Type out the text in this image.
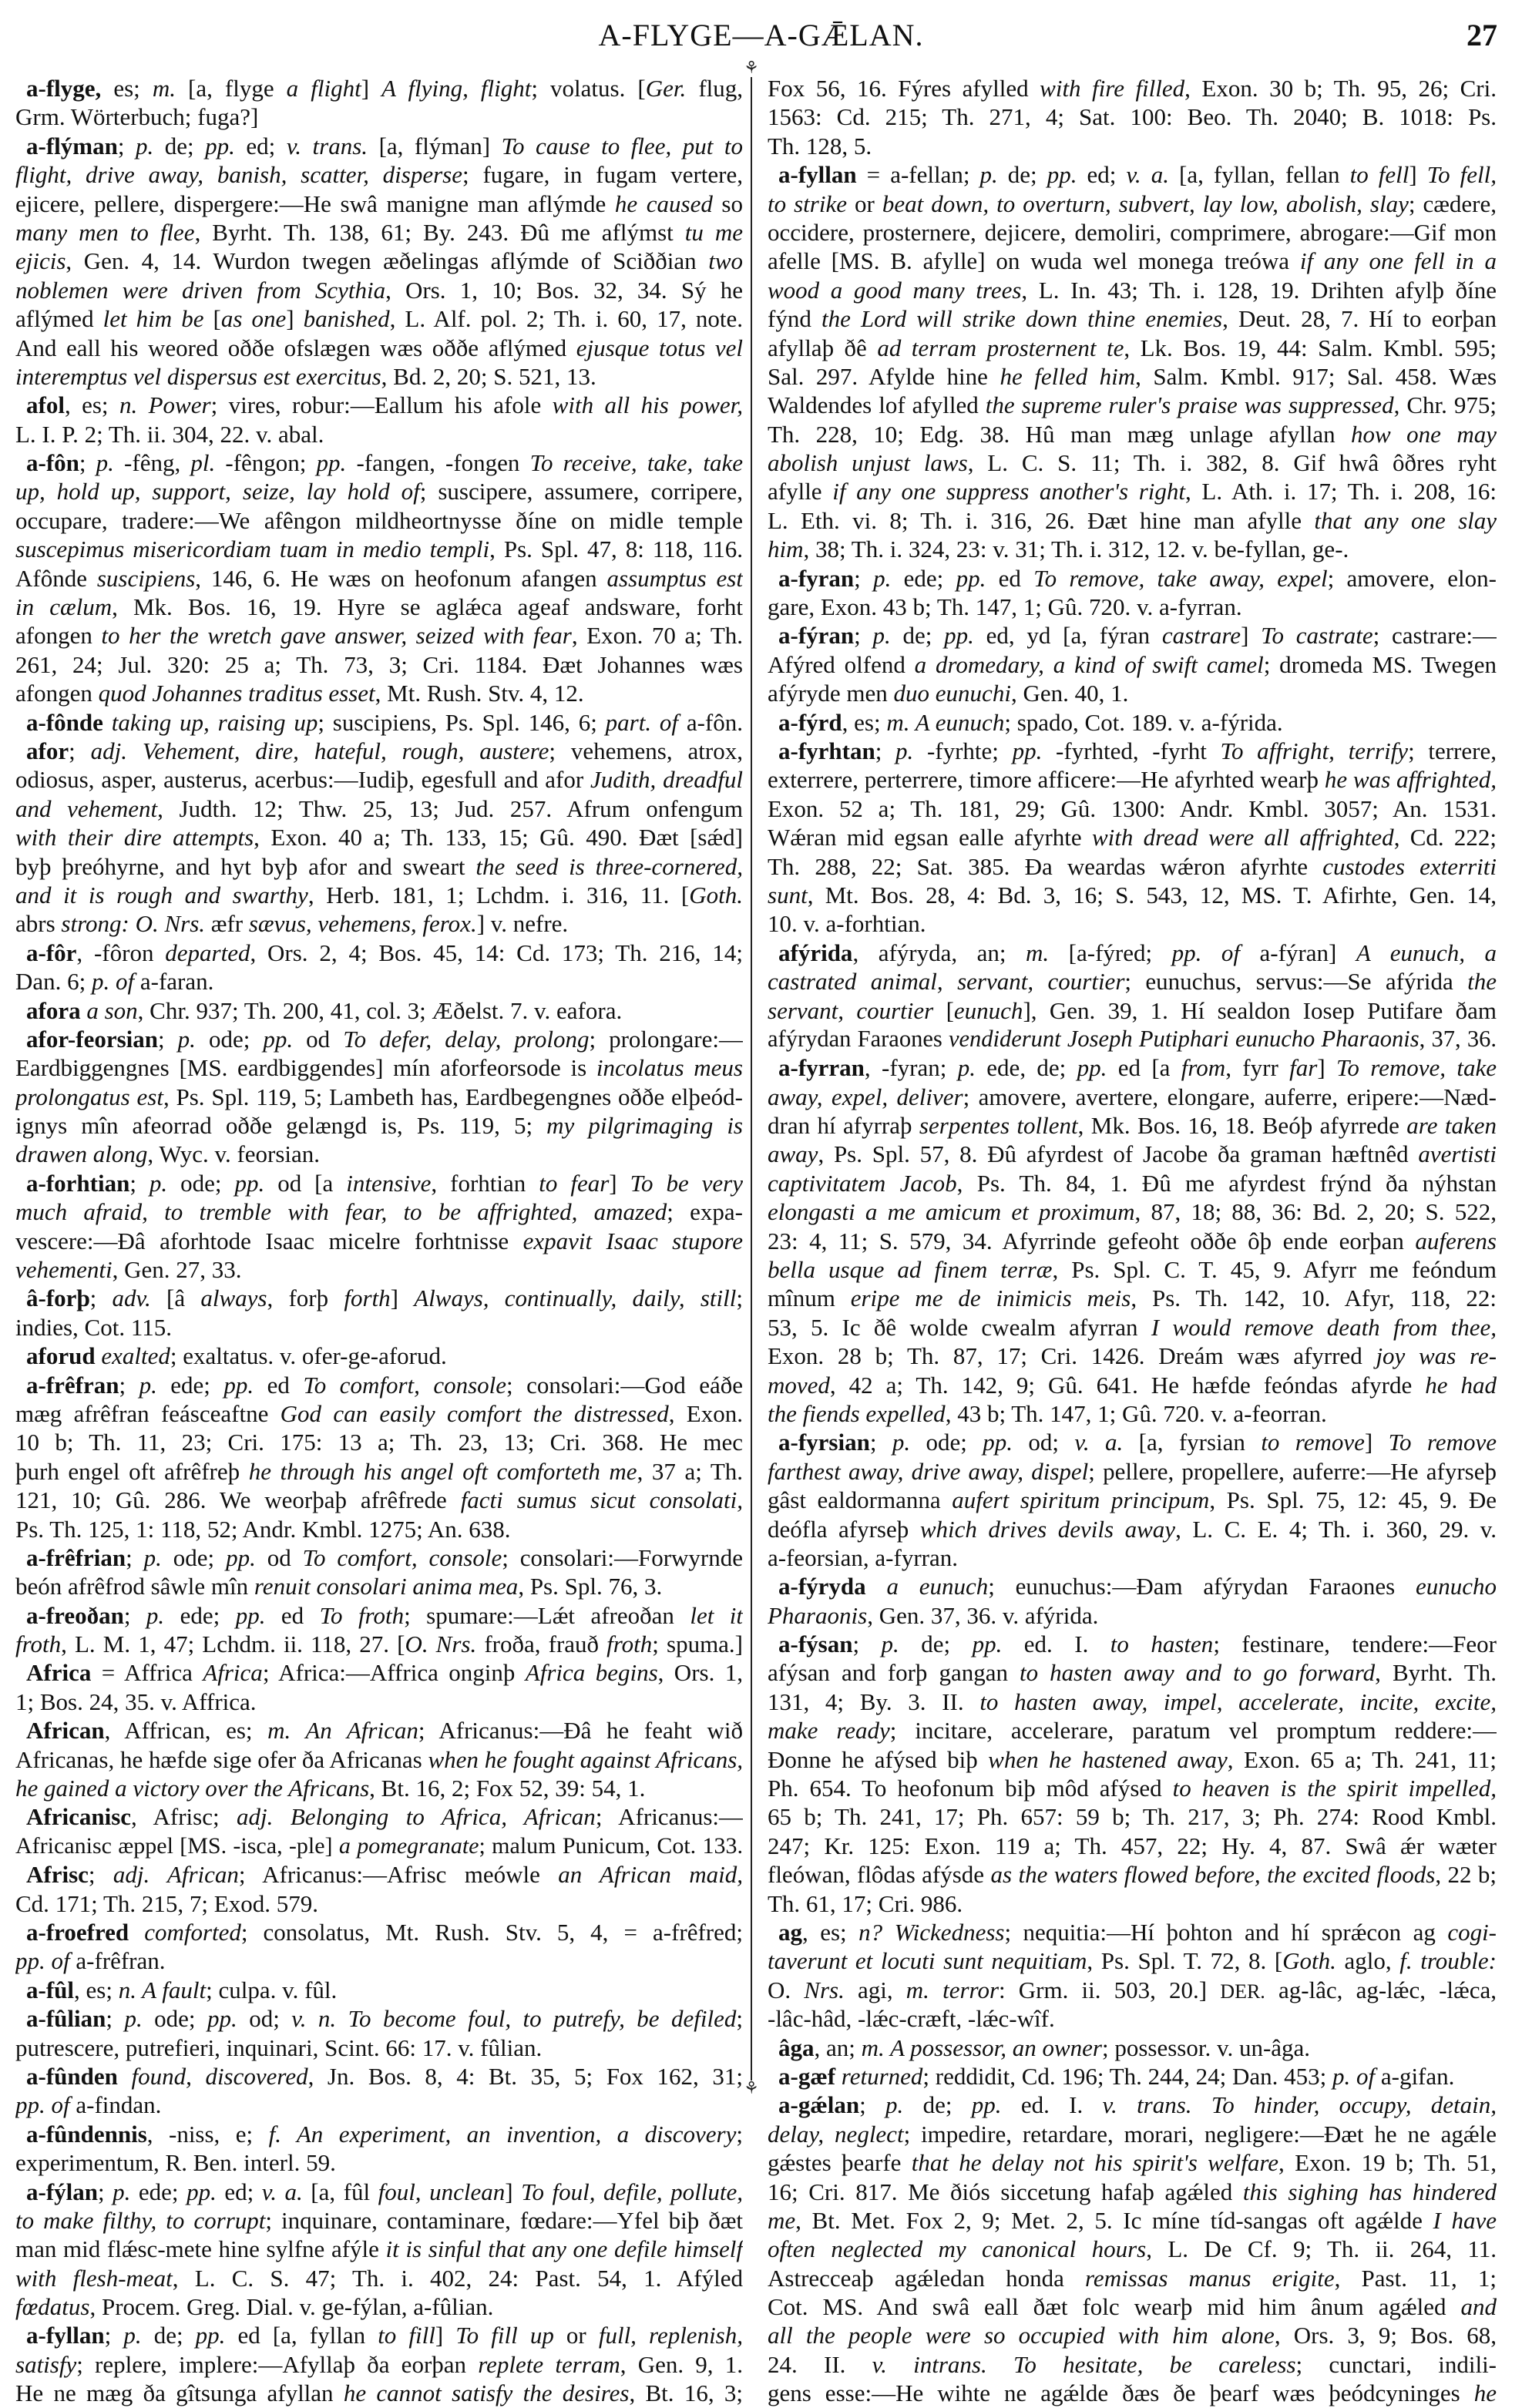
A-FLYGE—A-GǢLAN.	27
⚘
⚘
a-flyge, es; m. [a, flyge a flight] A flying, flight; volatus. [Ger. flug,
Grm. Wörterbuch; fuga?]
a-flýman; p. de; pp. ed; v. trans. [a, flýman] To cause to flee, put to
flight, drive away, banish, scatter, disperse; fugare, in fugam vertere,
ejicere, pellere, dispergere:—He swâ manigne man aflýmde he caused so
many men to flee, Byrht. Th. 138, 61; By. 243. Ðû me aflýmst tu me
ejicis, Gen. 4, 14. Wurdon twegen æðelingas aflýmde of Sciððian two
noblemen were driven from Scythia, Ors. 1, 10; Bos. 32, 34. Sý he
aflýmed let him be [as one] banished, L. Alf. pol. 2; Th. i. 60, 17, note.
And eall his weored oððe ofslægen wæs oððe aflýmed ejusque totus vel
interemptus vel dispersus est exercitus, Bd. 2, 20; S. 521, 13.
afol, es; n. Power; vires, robur:—Eallum his afole with all his power,
L. I. P. 2; Th. ii. 304, 22. v. abal.
a-fôn; p. -fêng, pl. -fêngon; pp. -fangen, -fongen To receive, take, take
up, hold up, support, seize, lay hold of; suscipere, assumere, corripere,
occupare, tradere:—We afêngon mildheortnysse ðíne on midle temple
suscepimus misericordiam tuam in medio templi, Ps. Spl. 47, 8: 118, 116.
Afônde suscipiens, 146, 6. He wæs on heofonum afangen assumptus est
in cælum, Mk. Bos. 16, 19. Hyre se aglǽca ageaf andsware, forht
afongen to her the wretch gave answer, seized with fear, Exon. 70 a; Th.
261, 24; Jul. 320: 25 a; Th. 73, 3; Cri. 1184. Ðæt Johannes wæs
afongen quod Johannes traditus esset, Mt. Rush. Stv. 4, 12.
a-fônde taking up, raising up; suscipiens, Ps. Spl. 146, 6; part. of a-fôn.
afor; adj. Vehement, dire, hateful, rough, austere; vehemens, atrox,
odiosus, asper, austerus, acerbus:—Iudiþ, egesfull and afor Judith, dreadful
and vehement, Judth. 12; Thw. 25, 13; Jud. 257. Afrum onfengum
with their dire attempts, Exon. 40 a; Th. 133, 15; Gû. 490. Ðæt [sǽd]
byþ þreóhyrne, and hyt byþ afor and sweart the seed is three-cornered,
and it is rough and swarthy, Herb. 181, 1; Lchdm. i. 316, 11. [Goth.
abrs strong: O. Nrs. æfr sævus, vehemens, ferox.] v. nefre.
a-fôr, -fôron departed, Ors. 2, 4; Bos. 45, 14: Cd. 173; Th. 216, 14;
Dan. 6; p. of a-faran.
afora a son, Chr. 937; Th. 200, 41, col. 3; Æðelst. 7. v. eafora.
afor-feorsian; p. ode; pp. od To defer, delay, prolong; prolongare:—
Eardbiggengnes [MS. eardbiggendes] mín aforfeorsode is incolatus meus
prolongatus est, Ps. Spl. 119, 5; Lambeth has, Eardbegengnes oððe elþeód-
ignys mîn afeorrad oððe gelængd is, Ps. 119, 5; my pilgrimaging is
drawen along, Wyc. v. feorsian.
a-forhtian; p. ode; pp. od [a intensive, forhtian to fear] To be very
much afraid, to tremble with fear, to be affrighted, amazed; expa-
vescere:—Ðâ aforhtode Isaac micelre forhtnisse expavit Isaac stupore
vehementi, Gen. 27, 33.
â-forþ; adv. [â always, forþ forth] Always, continually, daily, still;
indies, Cot. 115.
aforud exalted; exaltatus. v. ofer-ge-aforud.
a-frêfran; p. ede; pp. ed To comfort, console; consolari:—God eáðe
mæg afrêfran feásceaftne God can easily comfort the distressed, Exon.
10 b; Th. 11, 23; Cri. 175: 13 a; Th. 23, 13; Cri. 368. He mec
þurh engel oft afrêfreþ he through his angel oft comforteth me, 37 a; Th.
121, 10; Gû. 286. We weorþaþ afrêfrede facti sumus sicut consolati,
Ps. Th. 125, 1: 118, 52; Andr. Kmbl. 1275; An. 638.
a-frêfrian; p. ode; pp. od To comfort, console; consolari:—Forwyrnde
beón afrêfrod sâwle mîn renuit consolari anima mea, Ps. Spl. 76, 3.
a-freoðan; p. ede; pp. ed To froth; spumare:—Lǽt afreoðan let it
froth, L. M. 1, 47; Lchdm. ii. 118, 27. [O. Nrs. froða, frauð froth; spuma.]
Africa = Affrica Africa; Africa:—Affrica onginþ Africa begins, Ors. 1,
1; Bos. 24, 35. v. Affrica.
African, Affrican, es; m. An African; Africanus:—Ðâ he feaht wið
Africanas, he hæfde sige ofer ða Africanas when he fought against Africans,
he gained a victory over the Africans, Bt. 16, 2; Fox 52, 39: 54, 1.
Africanisc, Afrisc; adj. Belonging to Africa, African; Africanus:—
Africanisc æppel [MS. -isca, -ple] a pomegranate; malum Punicum, Cot. 133.
Afrisc; adj. African; Africanus:—Afrisc meówle an African maid,
Cd. 171; Th. 215, 7; Exod. 579.
a-froefred comforted; consolatus, Mt. Rush. Stv. 5, 4, = a-frêfred;
pp. of a-frêfran.
a-fûl, es; n. A fault; culpa. v. fûl.
a-fûlian; p. ode; pp. od; v. n. To become foul, to putrefy, be defiled;
putrescere, putrefieri, inquinari, Scint. 66: 17. v. fûlian.
a-fûnden found, discovered, Jn. Bos. 8, 4: Bt. 35, 5; Fox 162, 31;
pp. of a-findan.
a-fûndennis, -niss, e; f. An experiment, an invention, a discovery;
experimentum, R. Ben. interl. 59.
a-fýlan; p. ede; pp. ed; v. a. [a, fûl foul, unclean] To foul, defile, pollute,
to make filthy, to corrupt; inquinare, contaminare, fœdare:—Yfel biþ ðæt
man mid flǽsc-mete hine sylfne afýle it is sinful that any one defile himself
with flesh-meat, L. C. S. 47; Th. i. 402, 24: Past. 54, 1. Afýled
fœdatus, Procem. Greg. Dial. v. ge-fýlan, a-fûlian.
a-fyllan; p. de; pp. ed [a, fyllan to fill] To fill up or full, replenish,
satisfy; replere, implere:—Afyllaþ ða eorþan replete terram, Gen. 9, 1.
He ne mæg ða gîtsunga afyllan he cannot satisfy the desires, Bt. 16, 3;
Fox 56, 16. Fýres afylled with fire filled, Exon. 30 b; Th. 95, 26; Cri.
1563: Cd. 215; Th. 271, 4; Sat. 100: Beo. Th. 2040; B. 1018: Ps.
Th. 128, 5.
a-fyllan = a-fellan; p. de; pp. ed; v. a. [a, fyllan, fellan to fell] To fell,
to strike or beat down, to overturn, subvert, lay low, abolish, slay; cædere,
occidere, prosternere, dejicere, demoliri, comprimere, abrogare:—Gif mon
afelle [MS. B. afylle] on wuda wel monega treówa if any one fell in a
wood a good many trees, L. In. 43; Th. i. 128, 19. Drihten afylþ ðíne
fýnd the Lord will strike down thine enemies, Deut. 28, 7. Hí to eorþan
afyllaþ ðê ad terram prosternent te, Lk. Bos. 19, 44: Salm. Kmbl. 595;
Sal. 297. Afylde hine he felled him, Salm. Kmbl. 917; Sal. 458. Wæs
Waldendes lof afylled the supreme ruler's praise was suppressed, Chr. 975;
Th. 228, 10; Edg. 38. Hû man mæg unlage afyllan how one may
abolish unjust laws, L. C. S. 11; Th. i. 382, 8. Gif hwâ ôðres ryht
afylle if any one suppress another's right, L. Ath. i. 17; Th. i. 208, 16:
L. Eth. vi. 8; Th. i. 316, 26. Ðæt hine man afylle that any one slay
him, 38; Th. i. 324, 23: v. 31; Th. i. 312, 12. v. be-fyllan, ge-.
a-fyran; p. ede; pp. ed To remove, take away, expel; amovere, elon-
gare, Exon. 43 b; Th. 147, 1; Gû. 720. v. a-fyrran.
a-fýran; p. de; pp. ed, yd [a, fýran castrare] To castrate; castrare:—
Afýred olfend a dromedary, a kind of swift camel; dromeda MS. Twegen
afýryde men duo eunuchi, Gen. 40, 1.
a-fýrd, es; m. A eunuch; spado, Cot. 189. v. a-fýrida.
a-fyrhtan; p. -fyrhte; pp. -fyrhted, -fyrht To affright, terrify; terrere,
exterrere, perterrere, timore afficere:—He afyrhted wearþ he was affrighted,
Exon. 52 a; Th. 181, 29; Gû. 1300: Andr. Kmbl. 3057; An. 1531.
Wǽran mid egsan ealle afyrhte with dread were all affrighted, Cd. 222;
Th. 288, 22; Sat. 385. Ða weardas wǽron afyrhte custodes exterriti
sunt, Mt. Bos. 28, 4: Bd. 3, 16; S. 543, 12, MS. T. Afirhte, Gen. 14,
10. v. a-forhtian.
afýrida, afýryda, an; m. [a-fýred; pp. of a-fýran] A eunuch, a
castrated animal, servant, courtier; eunuchus, servus:—Se afýrida the
servant, courtier [eunuch], Gen. 39, 1. Hí sealdon Iosep Putifare ðam
afýrydan Faraones vendiderunt Joseph Putiphari eunucho Pharaonis, 37, 36.
a-fyrran, -fyran; p. ede, de; pp. ed [a from, fyrr far] To remove, take
away, expel, deliver; amovere, avertere, elongare, auferre, eripere:—Næd-
dran hí afyrraþ serpentes tollent, Mk. Bos. 16, 18. Beóþ afyrrede are taken
away, Ps. Spl. 57, 8. Ðû afyrdest of Jacobe ða graman hæftnêd avertisti
captivitatem Jacob, Ps. Th. 84, 1. Ðû me afyrdest frýnd ða nýhstan
elongasti a me amicum et proximum, 87, 18; 88, 36: Bd. 2, 20; S. 522,
23: 4, 11; S. 579, 34. Afyrrinde gefeoht oððe ôþ ende eorþan auferens
bella usque ad finem terræ, Ps. Spl. C. T. 45, 9. Afyrr me feóndum
mînum eripe me de inimicis meis, Ps. Th. 142, 10. Afyr, 118, 22:
53, 5. Ic ðê wolde cwealm afyrran I would remove death from thee,
Exon. 28 b; Th. 87, 17; Cri. 1426. Dreám wæs afyrred joy was re-
moved, 42 a; Th. 142, 9; Gû. 641. He hæfde feóndas afyrde he had
the fiends expelled, 43 b; Th. 147, 1; Gû. 720. v. a-feorran.
a-fyrsian; p. ode; pp. od; v. a. [a, fyrsian to remove] To remove
farthest away, drive away, dispel; pellere, propellere, auferre:—He afyrseþ
gâst ealdormanna aufert spiritum principum, Ps. Spl. 75, 12: 45, 9. Ðe
deófla afyrseþ which drives devils away, L. C. E. 4; Th. i. 360, 29. v.
a-feorsian, a-fyrran.
a-fýryda a eunuch; eunuchus:—Ðam afýrydan Faraones eunucho
Pharaonis, Gen. 37, 36. v. afýrida.
a-fýsan; p. de; pp. ed. I. to hasten; festinare, tendere:—Feor
afýsan and forþ gangan to hasten away and to go forward, Byrht. Th.
131, 4; By. 3. II. to hasten away, impel, accelerate, incite, excite,
make ready; incitare, accelerare, paratum vel promptum reddere:—
Ðonne he afýsed biþ when he hastened away, Exon. 65 a; Th. 241, 11;
Ph. 654. To heofonum biþ môd afýsed to heaven is the spirit impelled,
65 b; Th. 241, 17; Ph. 657: 59 b; Th. 217, 3; Ph. 274: Rood Kmbl.
247; Kr. 125: Exon. 119 a; Th. 457, 22; Hy. 4, 87. Swâ ǽr wæter
fleówan, flôdas afýsde as the waters flowed before, the excited floods, 22 b;
Th. 61, 17; Cri. 986.
ag, es; n? Wickedness; nequitia:—Hí þohton and hí sprǽcon ag cogi-
taverunt et locuti sunt nequitiam, Ps. Spl. T. 72, 8. [Goth. aglo, f. trouble:
O. Nrs. agi, m. terror: Grm. ii. 503, 20.] DER. ag-lâc, ag-lǽc, -lǽca,
-lâc-hâd, -lǽc-cræft, -lǽc-wîf.
âga, an; m. A possessor, an owner; possessor. v. un-âga.
a-gæf returned; reddidit, Cd. 196; Th. 244, 24; Dan. 453; p. of a-gifan.
a-gǽlan; p. de; pp. ed. I. v. trans. To hinder, occupy, detain,
delay, neglect; impedire, retardare, morari, negligere:—Ðæt he ne agǽle
gǽstes þearfe that he delay not his spirit's welfare, Exon. 19 b; Th. 51,
16; Cri. 817. Me ðiós siccetung hafaþ agǽled this sighing has hindered
me, Bt. Met. Fox 2, 9; Met. 2, 5. Ic míne tíd-sangas oft agǽlde I have
often neglected my canonical hours, L. De Cf. 9; Th. ii. 264, 11.
Astrecceaþ agǽledan honda remissas manus erigite, Past. 11, 1;
Cot. MS. And swâ eall ðæt folc wearþ mid him ânum agǽled and
all the people were so occupied with him alone, Ors. 3, 9; Bos. 68,
24. II. v. intrans. To hesitate, be careless; cunctari, indili-
gens esse:—He wihte ne agǽlde ðæs ðe þearf wæs þeódcyninges he
